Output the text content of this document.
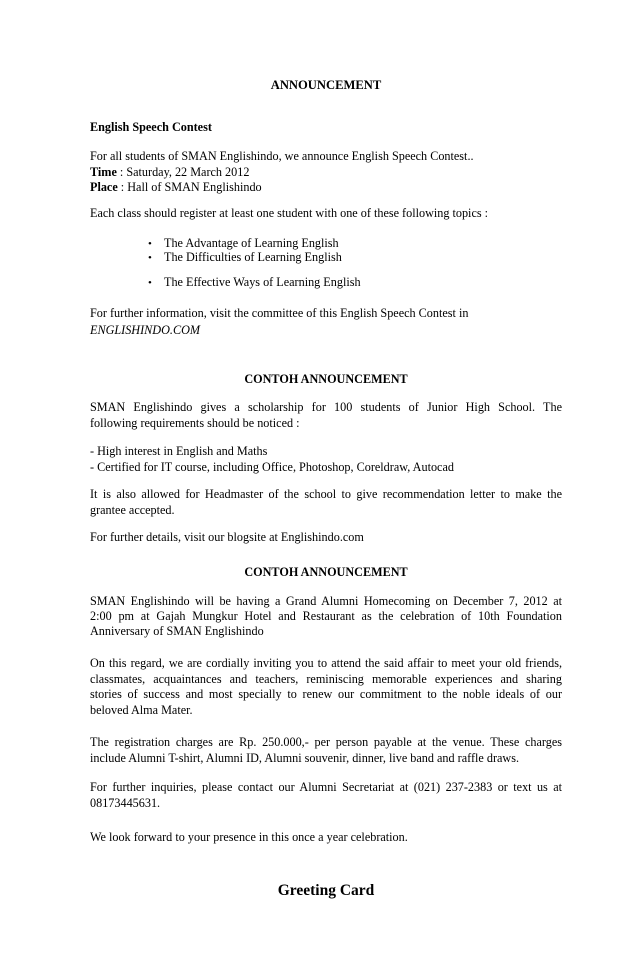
ANNOUNCEMENT
English Speech Contest
For all students of SMAN Englishindo, we announce English Speech Contest..
Time : Saturday, 22 March 2012
Place : Hall of SMAN Englishindo
Each class should register at least one student with one of these following topics :
• The Advantage of Learning English
• The Difficulties of Learning English
• The Effective Ways of Learning English
For further information, visit the committee of this English Speech Contest in
ENGLISHINDO.COM
CONTOH ANNOUNCEMENT
SMAN Englishindo gives a scholarship for 100 students of Junior High School. The
following requirements should be noticed :
- High interest in English and Maths
- Certified for IT course, including Office, Photoshop, Coreldraw, Autocad
It is also allowed for Headmaster of the school to give recommendation letter to make the
grantee accepted.
For further details, visit our blogsite at Englishindo.com
CONTOH ANNOUNCEMENT
SMAN Englishindo will be having a Grand Alumni Homecoming on December 7, 2012 at
2:00 pm at Gajah Mungkur Hotel and Restaurant as the celebration of 10th Foundation
Anniversary of SMAN Englishindo
On this regard, we are cordially inviting you to attend the said affair to meet your old friends,
classmates, acquaintances and teachers, reminiscing memorable experiences and sharing
stories of success and most specially to renew our commitment to the noble ideals of our
beloved Alma Mater.
The registration charges are Rp. 250.000,- per person payable at the venue. These charges
include Alumni T-shirt, Alumni ID, Alumni souvenir, dinner, live band and raffle draws.
For further inquiries, please contact our Alumni Secretariat at (021) 237-2383 or text us at
08173445631.
We look forward to your presence in this once a year celebration.
Greeting Card
